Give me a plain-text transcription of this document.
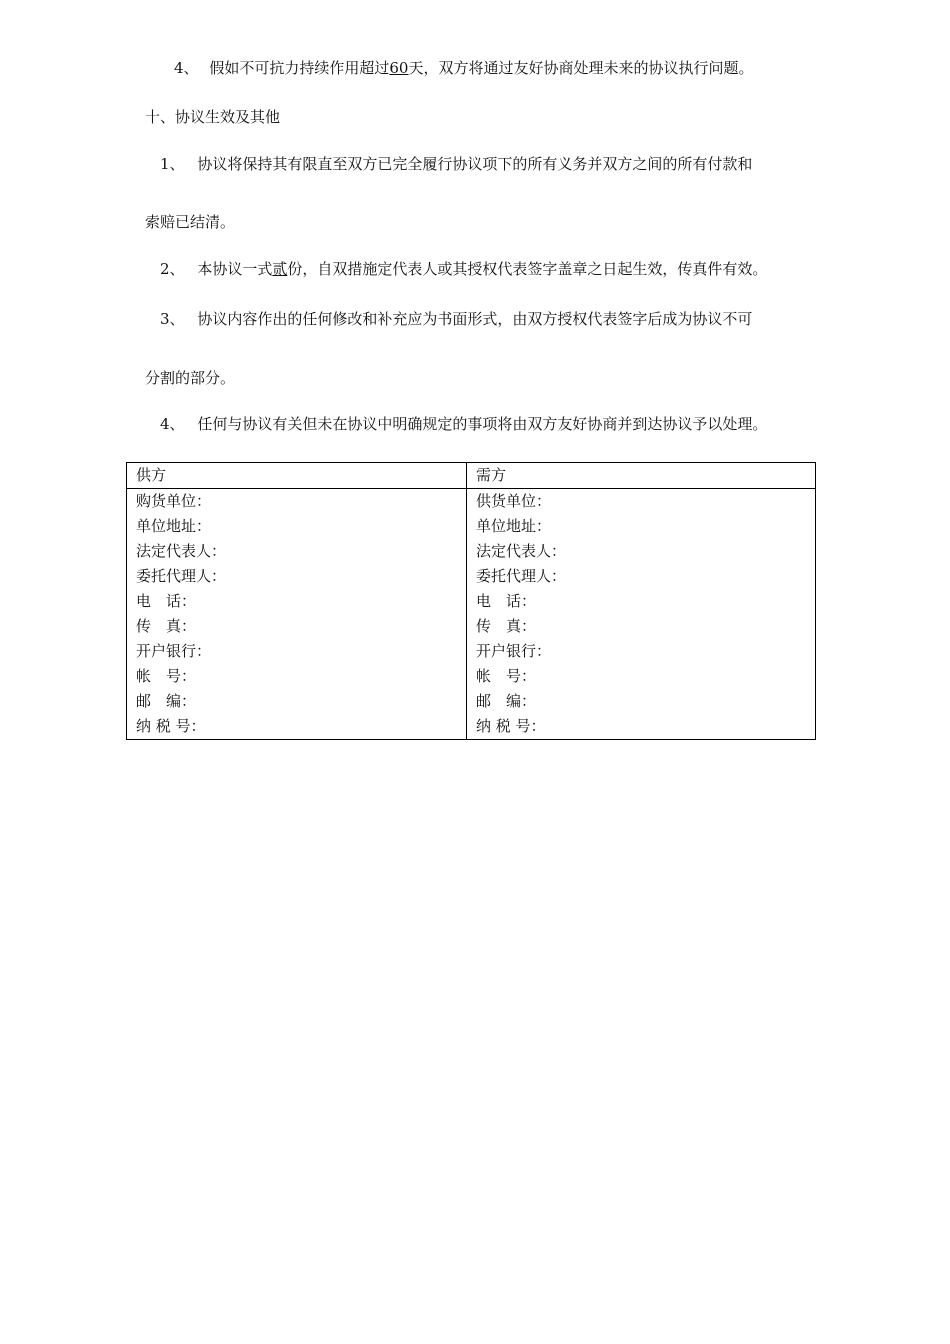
4、 假如不可抗力持续作用超过60天，双方将通过友好协商处理未来的协议执行问题。
十、协议生效及其他
1、 协议将保持其有限直至双方已完全履行协议项下的所有义务并双方之间的所有付款和
索赔已结清。
2、 本协议一式贰份，自双措施定代表人或其授权代表签字盖章之日起生效，传真件有效。
3、 协议内容作出的任何修改和补充应为书面形式，由双方授权代表签字后成为协议不可
分割的部分。
4、 任何与协议有关但未在协议中明确规定的事项将由双方友好协商并到达协议予以处理。
供方	需方
购货单位：	供货单位：
单位地址：	单位地址：
法定代表人：	法定代表人：
委托代理人：	委托代理人：
电　话：	电　话：
传　真：	传　真：
开户银行：	开户银行：
帐　号：	帐　号：
邮　编：	邮　编：
纳 税 号：	纳 税 号：
